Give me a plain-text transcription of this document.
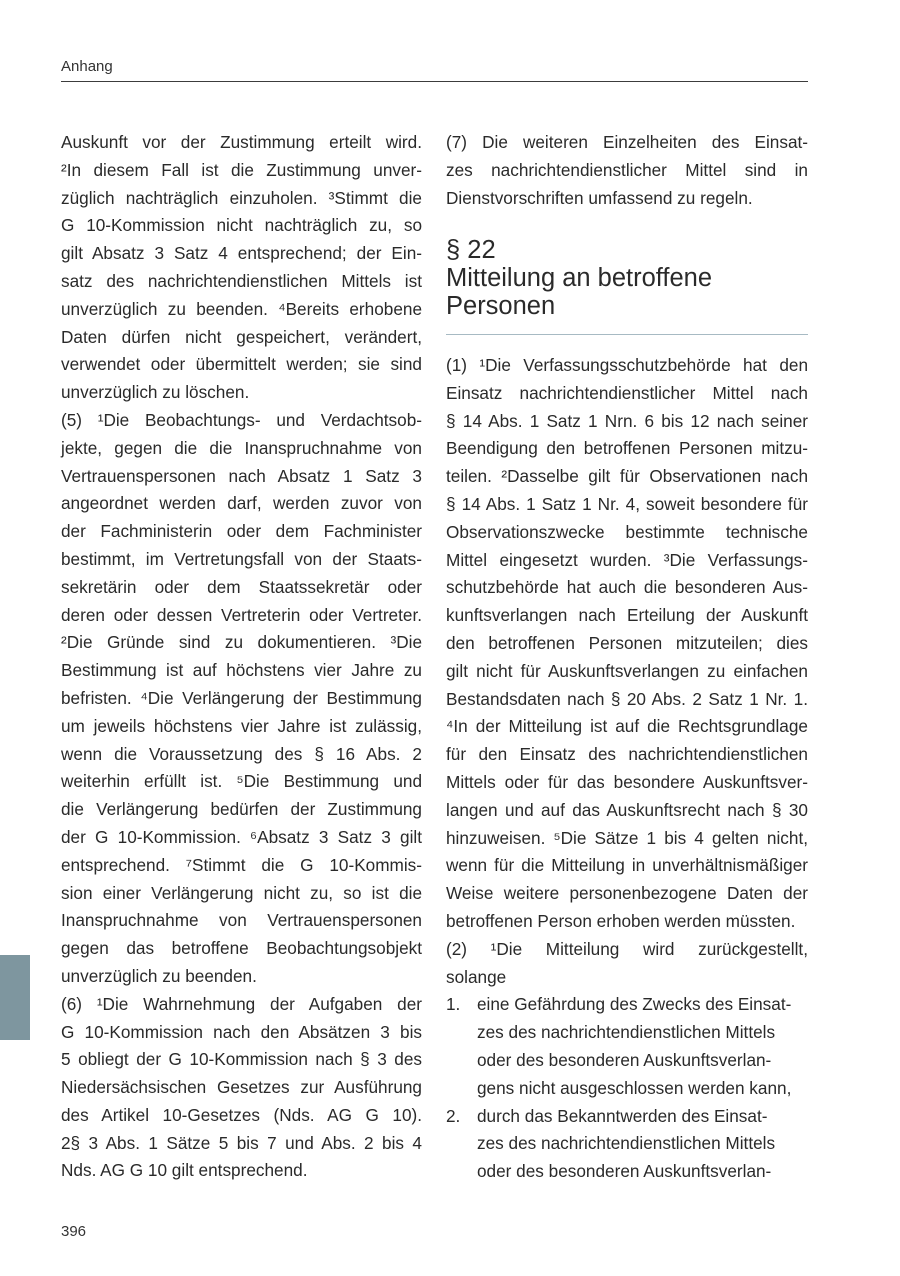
Anhang
Auskunft vor der Zustimmung erteilt wird.
²In diesem Fall ist die Zustimmung unver-
züglich nachträglich einzuholen. ³Stimmt die
G 10-Kommission nicht nachträglich zu, so
gilt Absatz 3 Satz 4 entsprechend; der Ein-
satz des nachrichtendienstlichen Mittels ist
unverzüglich zu beenden. ⁴Bereits erhobene
Daten dürfen nicht gespeichert, verändert,
verwendet oder übermittelt werden; sie sind
unverzüglich zu löschen.
(5) ¹Die Beobachtungs- und Verdachtsob-
jekte, gegen die die Inanspruchnahme von
Vertrauenspersonen nach Absatz 1 Satz 3
angeordnet werden darf, werden zuvor von
der Fachministerin oder dem Fachminister
bestimmt, im Vertretungsfall von der Staats-
sekretärin oder dem Staatssekretär oder
deren oder dessen Vertreterin oder Vertreter.
²Die Gründe sind zu dokumentieren. ³Die
Bestimmung ist auf höchstens vier Jahre zu
befristen. ⁴Die Verlängerung der Bestimmung
um jeweils höchstens vier Jahre ist zulässig,
wenn die Voraussetzung des § 16 Abs. 2
weiterhin erfüllt ist. ⁵Die Bestimmung und
die Verlängerung bedürfen der Zustimmung
der G 10-Kommission. ⁶Absatz 3 Satz 3 gilt
entsprechend. ⁷Stimmt die G 10-Kommis-
sion einer Verlängerung nicht zu, so ist die
Inanspruchnahme von Vertrauenspersonen
gegen das betroffene Beobachtungsobjekt
unverzüglich zu beenden.
(6) ¹Die Wahrnehmung der Aufgaben der
G 10-Kommission nach den Absätzen 3 bis
5 obliegt der G 10-Kommission nach § 3 des
Niedersächsischen Gesetzes zur Ausführung
des Artikel 10-Gesetzes (Nds. AG G 10).
2§ 3 Abs. 1 Sätze 5 bis 7 und Abs. 2 bis 4
Nds. AG G 10 gilt entsprechend.
(7) Die weiteren Einzelheiten des Einsat-
zes nachrichtendienstlicher Mittel sind in
Dienstvorschriften umfassend zu regeln.
§ 22
Mitteilung an betroffene
Personen
(1) ¹Die Verfassungsschutzbehörde hat den
Einsatz nachrichtendienstlicher Mittel nach
§ 14 Abs. 1 Satz 1 Nrn. 6 bis 12 nach seiner
Beendigung den betroffenen Personen mitzu-
teilen. ²Dasselbe gilt für Observationen nach
§ 14 Abs. 1 Satz 1 Nr. 4, soweit besondere für
Observationszwecke bestimmte technische
Mittel eingesetzt wurden. ³Die Verfassungs-
schutzbehörde hat auch die besonderen Aus-
kunftsverlangen nach Erteilung der Auskunft
den betroffenen Personen mitzuteilen; dies
gilt nicht für Auskunftsverlangen zu einfachen
Bestandsdaten nach § 20 Abs. 2 Satz 1 Nr. 1.
⁴In der Mitteilung ist auf die Rechtsgrundlage
für den Einsatz des nachrichtendienstlichen
Mittels oder für das besondere Auskunftsver-
langen und auf das Auskunftsrecht nach § 30
hinzuweisen. ⁵Die Sätze 1 bis 4 gelten nicht,
wenn für die Mitteilung in unverhältnismäßiger
Weise weitere personenbezogene Daten der
betroffenen Person erhoben werden müssten.
(2) ¹Die Mitteilung wird zurückgestellt,
solange
1. eine Gefährdung des Zwecks des Einsat-
zes des nachrichtendienstlichen Mittels
oder des besonderen Auskunftsverlan-
gens nicht ausgeschlossen werden kann,
2. durch das Bekanntwerden des Einsat-
zes des nachrichtendienstlichen Mittels
oder des besonderen Auskunftsverlan-
396
